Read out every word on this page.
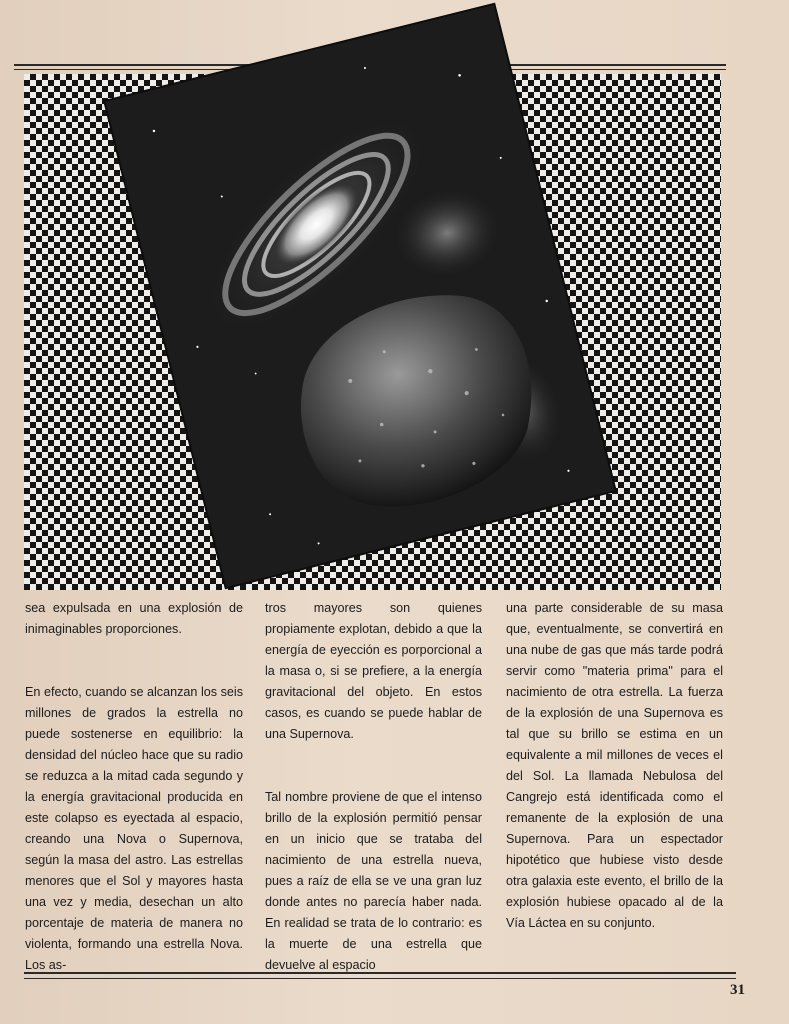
sea expulsada en una explosión de inimaginables proporciones.

En efecto, cuando se alcanzan los seis millones de grados la estrella no puede sostenerse en equilibrio: la densidad del núcleo hace que su radio se reduzca a la mitad cada segundo y la energía gravitacional producida en este colapso es eyectada al espacio, creando una Nova o Supernova, según la masa del astro. Las estrellas menores que el Sol y mayores hasta una vez y media, desechan un alto porcentaje de materia de manera no violenta, formando una estrella Nova. Los as-

tros mayores son quienes propiamente explotan, debido a que la energía de eyección es porporcional a la masa o, si se prefiere, a la energía gravitacional del objeto. En estos casos, es cuando se puede hablar de una Supernova.

Tal nombre proviene de que el intenso brillo de la explosión permitió pensar en un inicio que se trataba del nacimiento de una estrella nueva, pues a raíz de ella se ve una gran luz donde antes no parecía haber nada. En realidad se trata de lo contrario: es la muerte de una estrella que devuelve al espacio

una parte considerable de su masa que, eventualmente, se convertirá en una nube de gas que más tarde podrá servir como "materia prima" para el nacimiento de otra estrella. La fuerza de la explosión de una Supernova es tal que su brillo se estima en un equivalente a mil millones de veces el del Sol. La llamada Nebulosa del Cangrejo está identificada como el remanente de la explosión de una Supernova. Para un espectador hipotético que hubiese visto desde otra galaxia este evento, el brillo de la explosión hubiese opacado al de la Vía Láctea en su conjunto.

31
